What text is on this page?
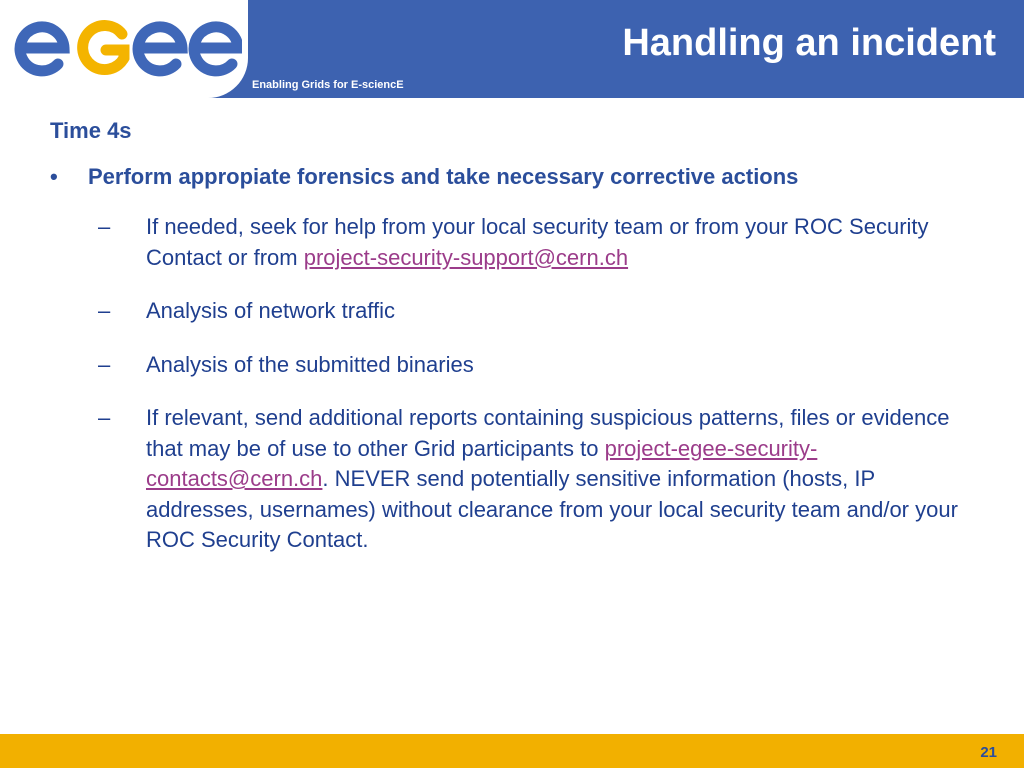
Enabling Grids for E-sciencE
Handling an incident
Time 4s
•	Perform appropiate forensics and take necessary corrective actions
–	If needed, seek for help from your local security team or from your ROC Security Contact or from project-security-support@cern.ch
–	Analysis of network traffic
–	Analysis of the submitted binaries
–	If relevant, send additional reports containing suspicious patterns, files or evidence that may be of use to other Grid participants to project-egee-security-contacts@cern.ch. NEVER send potentially sensitive information (hosts, IP addresses, usernames) without clearance from your local security team and/or your ROC Security Contact.
21
